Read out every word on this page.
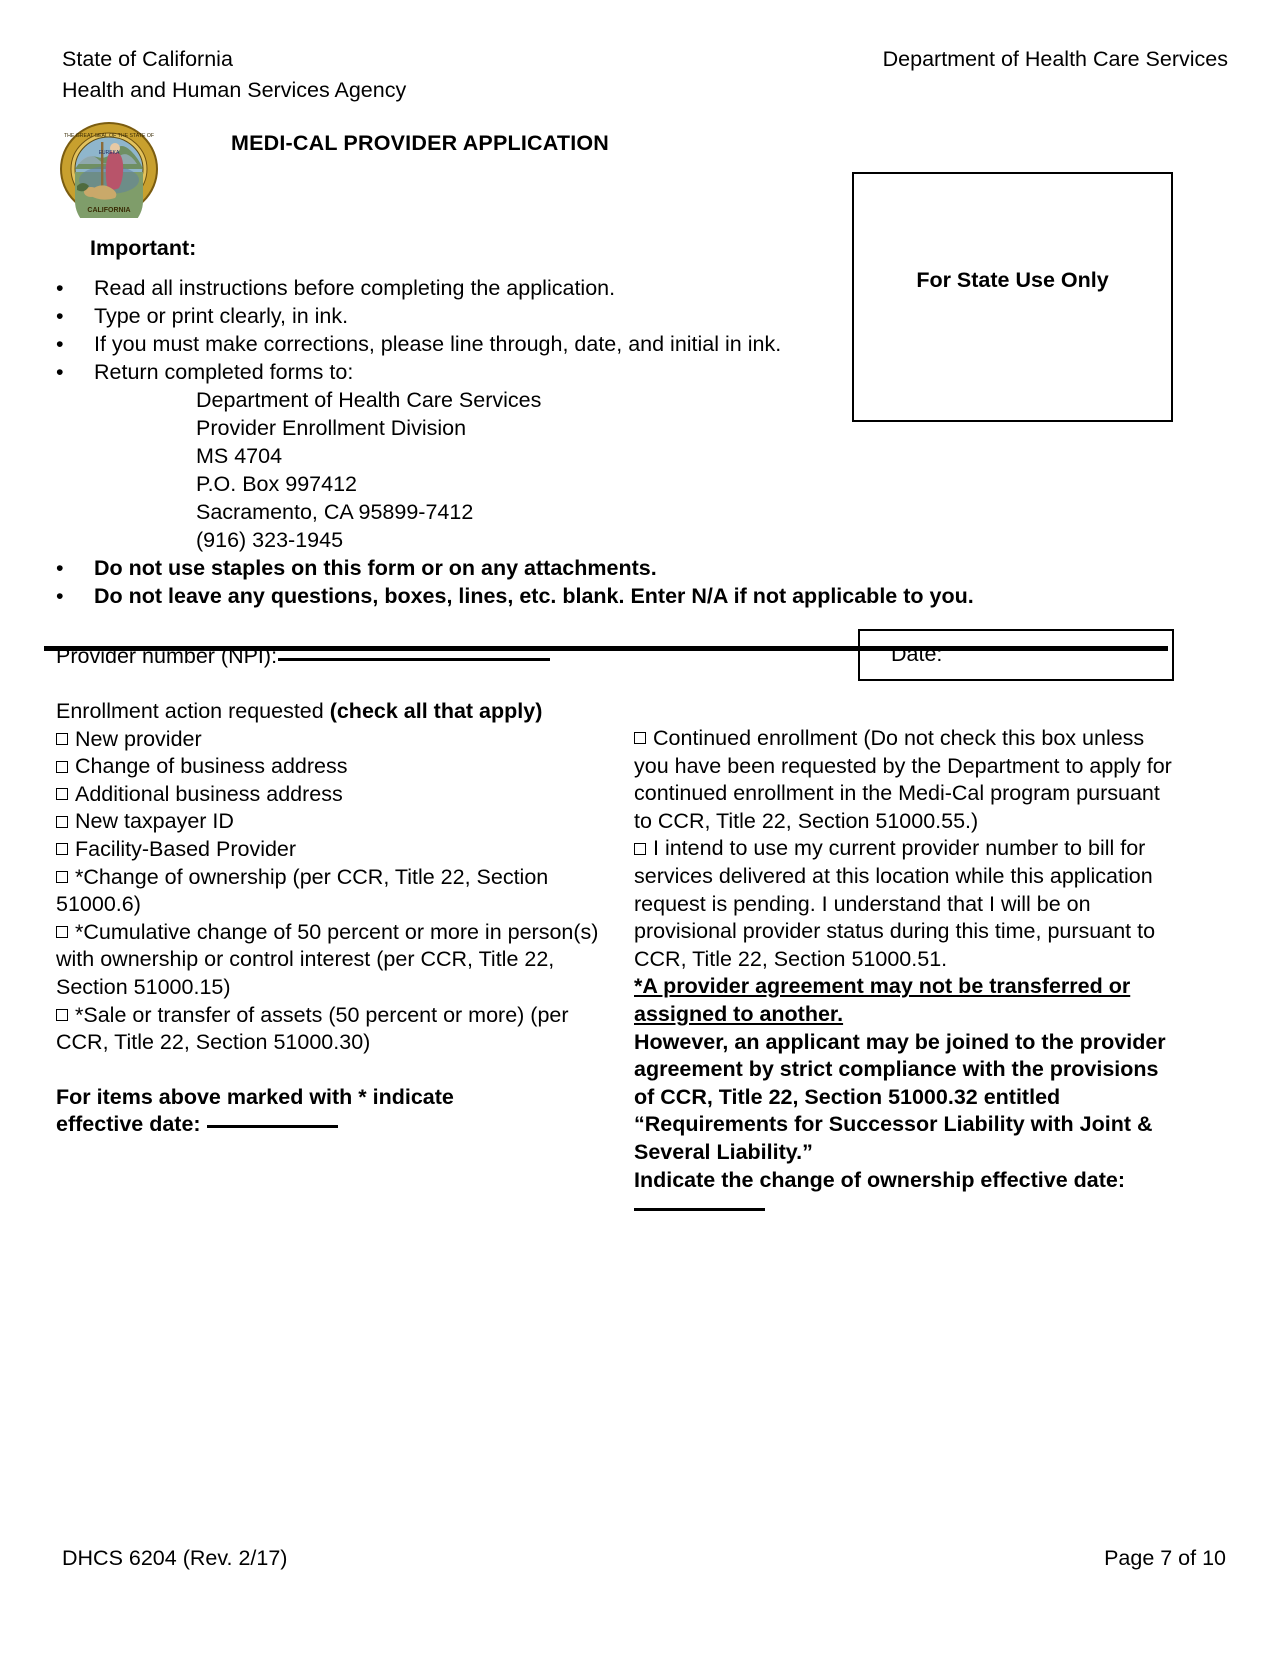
State of California
Health and Human Services Agency
Department of Health Care Services
THE GREAT SEAL OF THE STATE OF
EUREKA
CALIFORNIA
MEDI-CAL PROVIDER APPLICATION
For State Use Only
Important:
•	Read all instructions before completing the application.
•	Type or print clearly, in ink.
•	If you must make corrections, please line through, date, and initial in ink.
•	Return completed forms to:
Department of Health Care Services
Provider Enrollment Division
MS 4704
P.O. Box 997412
Sacramento, CA 95899-7412
(916) 323-1945
•	Do not use staples on this form or on any attachments.
•	Do not leave any questions, boxes, lines, etc. blank. Enter N/A if not applicable to you.
Provider number (NPI):	Date:
Enrollment action requested (check all that apply)
New provider
Change of business address
Additional business address
New taxpayer ID
Facility-Based Provider
*Change of ownership (per CCR, Title 22, Section 51000.6)
*Cumulative change of 50 percent or more in person(s) with ownership or control interest (per CCR, Title 22, Section 51000.15)
*Sale or transfer of assets (50 percent or more) (per CCR, Title 22, Section 51000.30)
For items above marked with * indicate
effective date:
Continued enrollment (Do not check this box unless you have been requested by the Department to apply for continued enrollment in the Medi-Cal program pursuant to CCR, Title 22, Section 51000.55.)
I intend to use my current provider number to bill for services delivered at this location while this application request is pending. I understand that I will be on provisional provider status during this time, pursuant to CCR, Title 22, Section 51000.51.
*A provider agreement may not be transferred or assigned to another.
However, an applicant may be joined to the provider agreement by strict compliance with the provisions of CCR, Title 22, Section 51000.32 entitled “Requirements for Successor Liability with Joint & Several Liability.”
Indicate the change of ownership effective date:
DHCS 6204 (Rev. 2/17)	Page 7 of 10
